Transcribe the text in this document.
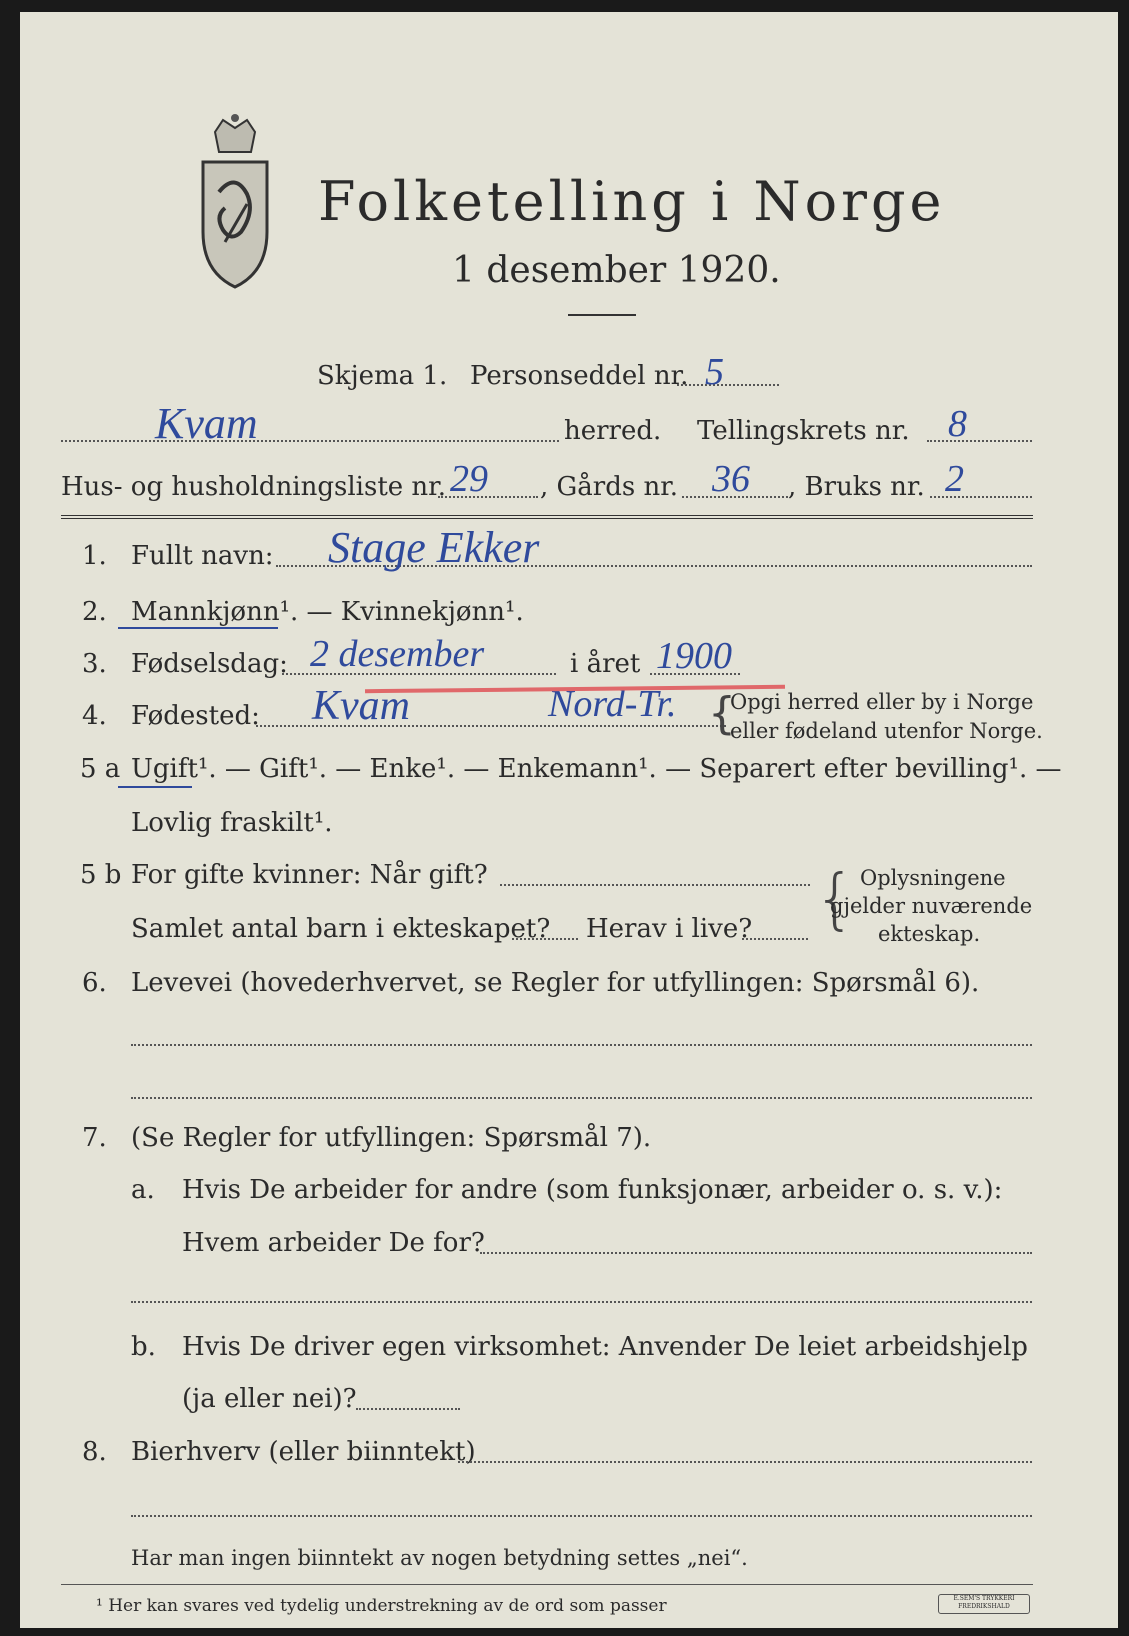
Folketelling i Norge
1 desember 1920.
Skjema 1. Personseddel nr. 5
Kvam	herred. Tellingskrets nr. 8
Hus- og husholdningsliste nr. 29 , Gårds nr. 36 , Bruks nr. 2
1. Fullt navn: Stage Ekker
2. Mannkjønn¹. — Kvinnekjønn¹.
3. Fødselsdag: 2 desember	i året 1900
4. Fødested: Kvam	Nord-Tr. {
Opgi herred eller by i Norge
eller fødeland utenfor Norge.
5 a Ugift¹. — Gift¹. — Enke¹. — Enkemann¹. — Separert efter bevilling¹. —
Lovlig fraskilt¹.
5 b For gifte kvinner: Når gift?
Samlet antal barn i ekteskapet? Herav i live? { Oplysningene
gjelder nuværende
ekteskap.
6. Levevei (hovederhvervet, se Regler for utfyllingen: Spørsmål 6).
7. (Se Regler for utfyllingen: Spørsmål 7).
a. Hvis De arbeider for andre (som funksjonær, arbeider o. s. v.):
Hvem arbeider De for?
b. Hvis De driver egen virksomhet: Anvender De leiet arbeidshjelp
(ja eller nei)?
8. Bierhverv (eller biinntekt)
Har man ingen biinntekt av nogen betydning settes „nei“.
¹ Her kan svares ved tydelig understrekning av de ord som passer	E.SEM'S TRYKKERI FREDRIKSHALD
